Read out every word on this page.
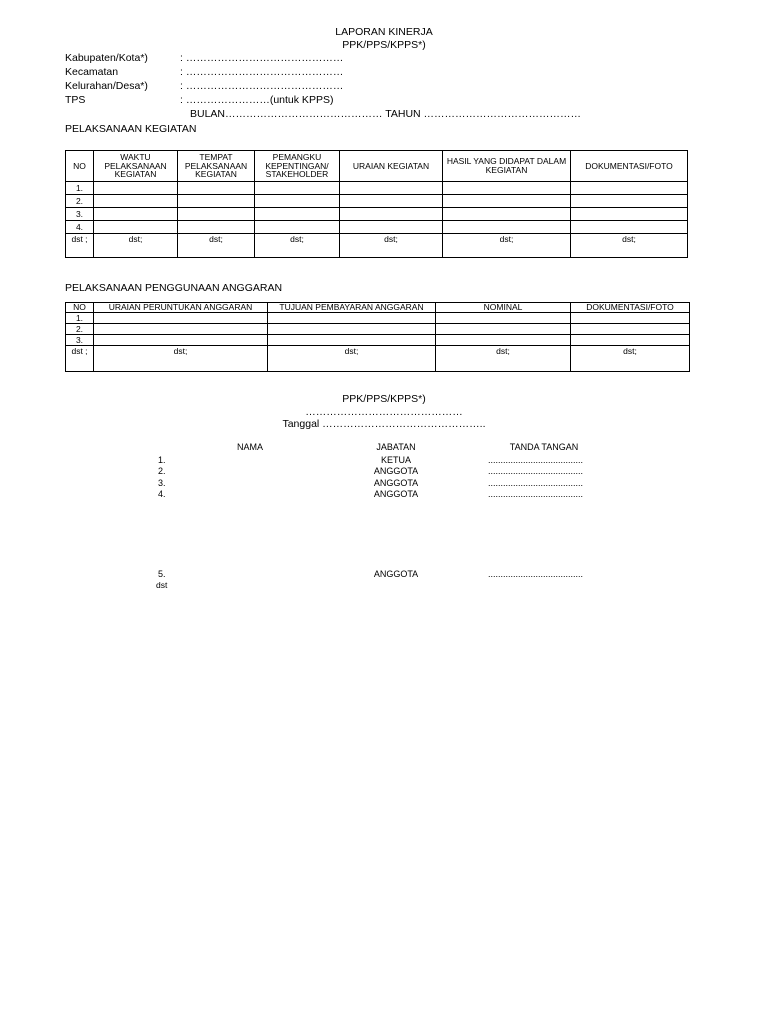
LAPORAN KINERJA
PPK/PPS/KPPS*)
Kabupaten/Kota*)	: ………………………………………
Kecamatan	: ………………………………………
Kelurahan/Desa*)	: ………………………………………
TPS	: ……………………(untuk KPPS)
BULAN……………………………………… TAHUN ………………………………………
PELAKSANAAN KEGIATAN
NO	WAKTU PELAKSANAAN KEGIATAN	TEMPAT PELAKSANAAN KEGIATAN	PEMANGKU KEPENTINGAN/ STAKEHOLDER	URAIAN KEGIATAN	HASIL YANG DIDAPAT DALAM KEGIATAN	DOKUMENTASI/FOTO
1.						
2.						
3.						
4.						
dst ;	dst;	dst;	dst;	dst;	dst;	dst;
PELAKSANAAN PENGGUNAAN ANGGARAN
NO	URAIAN PERUNTUKAN ANGGARAN	TUJUAN PEMBAYARAN ANGGARAN	NOMINAL	DOKUMENTASI/FOTO
1.				
2.				
3.				
dst ;	dst;	dst;	dst;	dst;
PPK/PPS/KPPS*)
………………………………………
Tanggal ………………………………………..
NAMA	JABATAN	TANDA TANGAN
1.	KETUA	......................................
2.	ANGGOTA	......................................
3.	ANGGOTA	......................................
4.	ANGGOTA	......................................
5.	ANGGOTA	......................................
dst
